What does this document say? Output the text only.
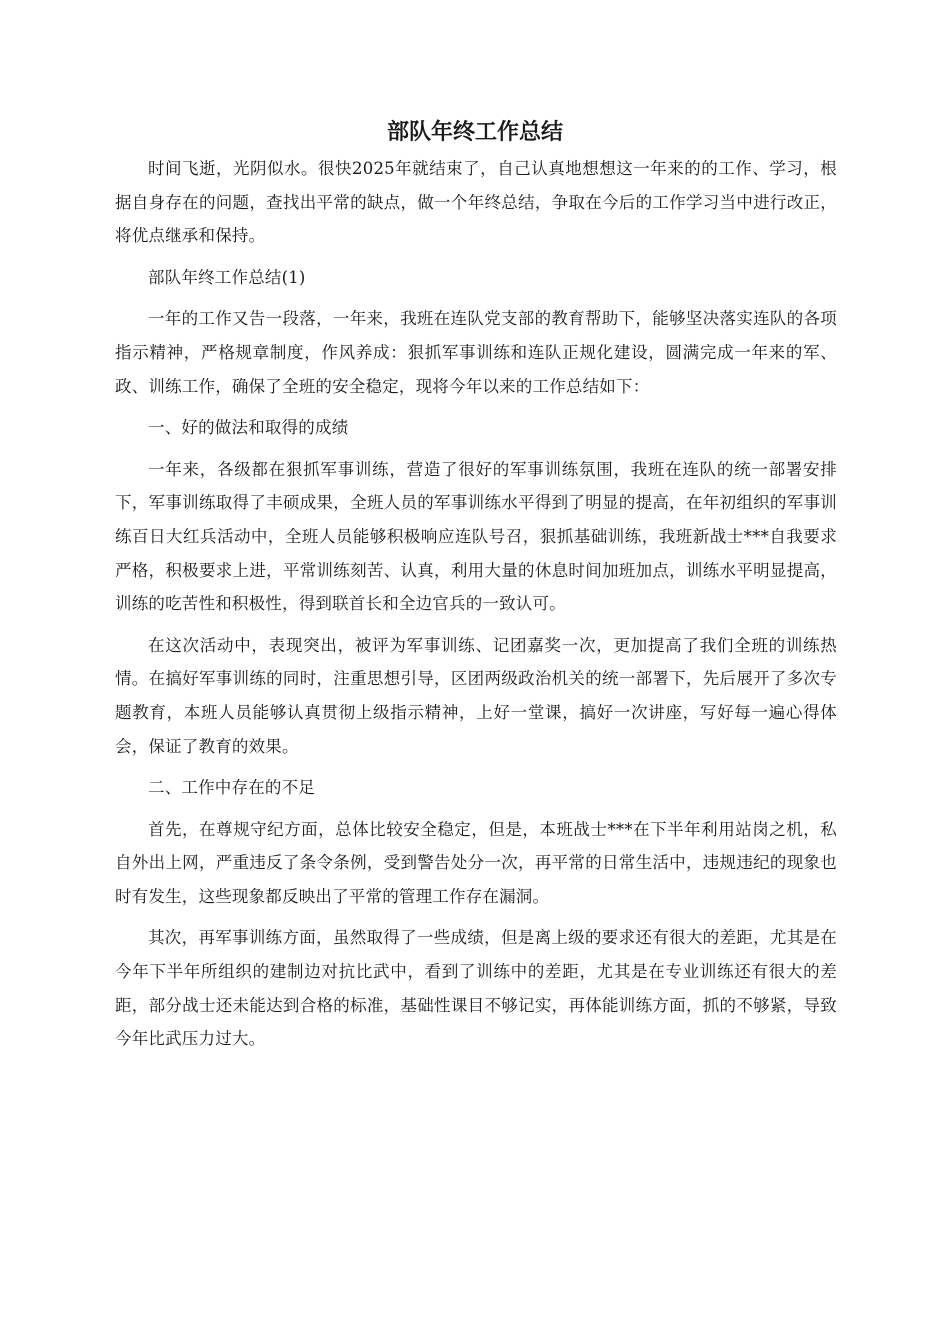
部队年终工作总结

时间飞逝，光阴似水。很快2025年就结束了，自己认真地想想这一年来的的工作、学习，根据自身存在的问题，查找出平常的缺点，做一个年终总结，争取在今后的工作学习当中进行改正，将优点继承和保持。

部队年终工作总结(1)

一年的工作又告一段落，一年来，我班在连队党支部的教育帮助下，能够坚决落实连队的各项指示精神，严格规章制度，作风养成：狠抓军事训练和连队正规化建设，圆满完成一年来的军、政、训练工作，确保了全班的安全稳定，现将今年以来的工作总结如下：

一、好的做法和取得的成绩

一年来，各级都在狠抓军事训练，营造了很好的军事训练氛围，我班在连队的统一部署安排下，军事训练取得了丰硕成果，全班人员的军事训练水平得到了明显的提高，在年初组织的军事训练百日大红兵活动中，全班人员能够积极响应连队号召，狠抓基础训练，我班新战士***自我要求严格，积极要求上进，平常训练刻苦、认真，利用大量的休息时间加班加点，训练水平明显提高，训练的吃苦性和积极性，得到联首长和全边官兵的一致认可。

在这次活动中，表现突出，被评为军事训练、记团嘉奖一次，更加提高了我们全班的训练热情。在搞好军事训练的同时，注重思想引导，区团两级政治机关的统一部署下，先后展开了多次专题教育，本班人员能够认真贯彻上级指示精神，上好一堂课，搞好一次讲座，写好每一遍心得体会，保证了教育的效果。

二、工作中存在的不足

首先，在尊规守纪方面，总体比较安全稳定，但是，本班战士***在下半年利用站岗之机，私自外出上网，严重违反了条令条例，受到警告处分一次，再平常的日常生活中，违规违纪的现象也时有发生，这些现象都反映出了平常的管理工作存在漏洞。

其次，再军事训练方面，虽然取得了一些成绩，但是离上级的要求还有很大的差距，尤其是在今年下半年所组织的建制边对抗比武中，看到了训练中的差距，尤其是在专业训练还有很大的差距，部分战士还未能达到合格的标准，基础性课目不够记实，再体能训练方面，抓的不够紧，导致今年比武压力过大。
